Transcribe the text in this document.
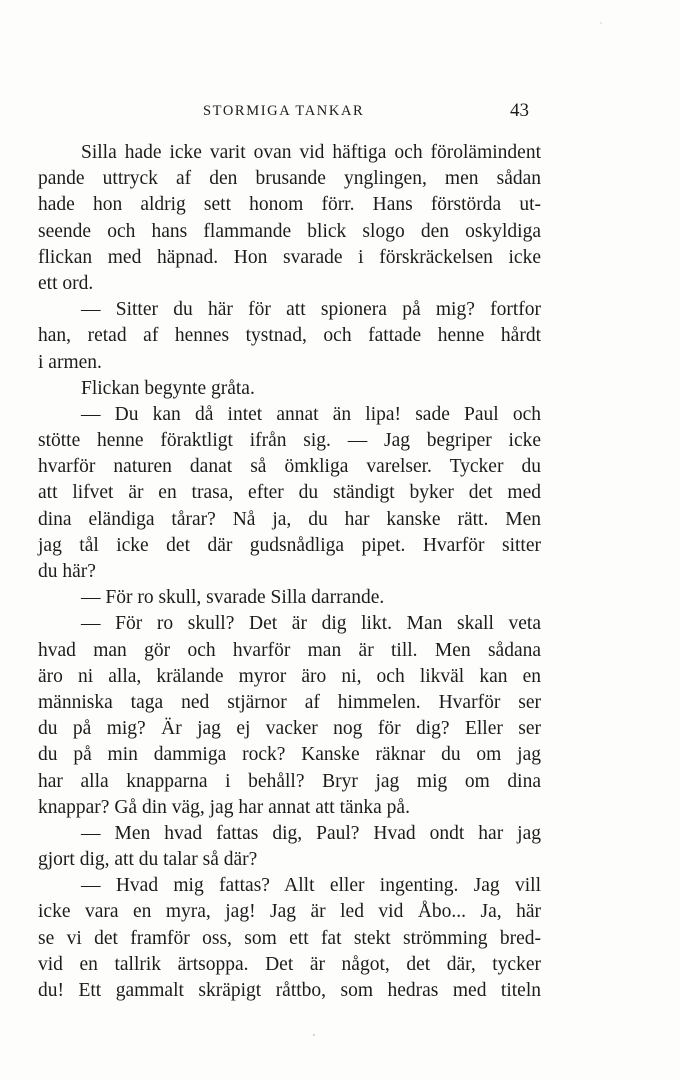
STORMIGA TANKAR	43
Silla hade icke varit ovan vid häftiga och förolämindent
pande uttryck af den brusande ynglingen, men sådan
hade hon aldrig sett honom förr. Hans förstörda ut-
seende och hans flammande blick slogo den oskyldiga
flickan med häpnad. Hon svarade i förskräckelsen icke
ett ord.
— Sitter du här för att spionera på mig? fortfor
han, retad af hennes tystnad, och fattade henne hårdt
i armen.
Flickan begynte gråta.
— Du kan då intet annat än lipa! sade Paul och
stötte henne föraktligt ifrån sig. — Jag begriper icke
hvarför naturen danat så ömkliga varelser. Tycker du
att lifvet är en trasa, efter du ständigt byker det med
dina eländiga tårar? Nå ja, du har kanske rätt. Men
jag tål icke det där gudsnådliga pipet. Hvarför sitter
du här?
— För ro skull, svarade Silla darrande.
— För ro skull? Det är dig likt. Man skall veta
hvad man gör och hvarför man är till. Men sådana
äro ni alla, krälande myror äro ni, och likväl kan en
människa taga ned stjärnor af himmelen. Hvarför ser
du på mig? Är jag ej vacker nog för dig? Eller ser
du på min dammiga rock? Kanske räknar du om jag
har alla knapparna i behåll? Bryr jag mig om dina
knappar? Gå din väg, jag har annat att tänka på.
— Men hvad fattas dig, Paul? Hvad ondt har jag
gjort dig, att du talar så där?
— Hvad mig fattas? Allt eller ingenting. Jag vill
icke vara en myra, jag! Jag är led vid Åbo... Ja, här
se vi det framför oss, som ett fat stekt strömming bred-
vid en tallrik ärtsoppa. Det är något, det där, tycker
du! Ett gammalt skräpigt råttbo, som hedras med titeln
